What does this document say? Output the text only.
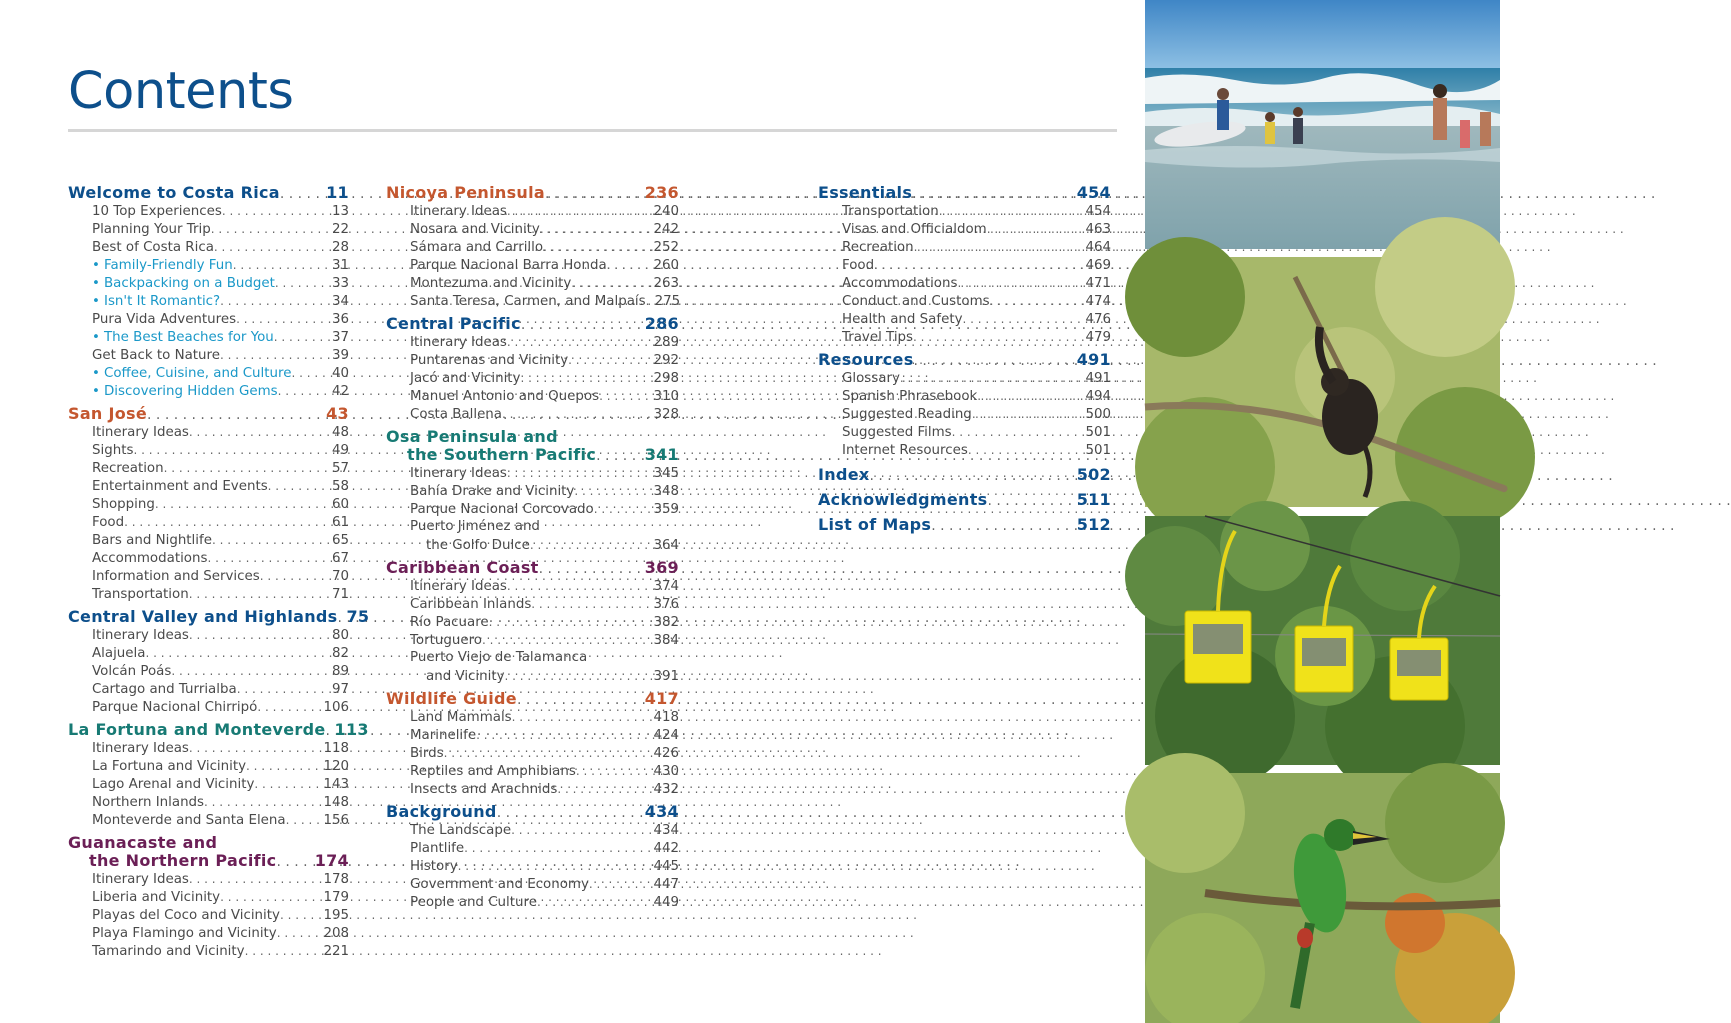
Contents
Welcome to Costa Rica . . .	11
10 Top Experiences . . .	13
Planning Your Trip . . .	22
Best of Costa Rica . . .	28
• Family-Friendly Fun . . .	31
• Backpacking on a Budget . . .	33
• Isn't It Romantic? . . .	34
Pura Vida Adventures . . .	36
• The Best Beaches for You . . .	37
Get Back to Nature . . .	39
• Coffee, Cuisine, and Culture . . .	40
• Discovering Hidden Gems . . .	42
San José . . .	43
Itinerary Ideas . . .	48
Sights . . .	49
Recreation . . .	57
Entertainment and Events . . .	58
Shopping . . .	60
Food . . .	61
Bars and Nightlife . . .	65
Accommodations . . .	67
Information and Services . . .	70
Transportation . . .	71
Central Valley and Highlands . . . 75
Itinerary Ideas . . .	80
Alajuela . . .	82
Volcán Poás . . .	89
Cartago and Turrialba . . .	97
Parque Nacional Chirripó . . .	106
La Fortuna and Monteverde . . . 113
Itinerary Ideas . . .	118
La Fortuna and Vicinity . . .	120
Lago Arenal and Vicinity . . .	143
Northern Inlands . . .	148
Monteverde and Santa Elena . . .	156
Guanacaste and
the Northern Pacific . . . 174
Itinerary Ideas . . .	178
Liberia and Vicinity . . .	179
Playas del Coco and Vicinity . . .	195
Playa Flamingo and Vicinity . . .	208
Tamarindo and Vicinity . . .	221
Nicoya Peninsula . . .	236
Itinerary Ideas . . .	240
Nosara and Vicinity . . .	242
Sámara and Carrillo . . .	252
Parque Nacional Barra Honda . . .	260
Montezuma and Vicinity . . .	263
Santa Teresa, Carmen, and Malpaís . . . 275
Central Pacific . . .	286
Itinerary Ideas . . .	289
Puntarenas and Vicinity . . .	292
Jacó and Vicinity . . .	298
Manuel Antonio and Quepos . . .	310
Costa Ballena . . .	328
Osa Peninsula and
the Southern Pacific . . .	341
Itinerary Ideas . . .	345
Bahía Drake and Vicinity . . .	348
Parque Nacional Corcovado . . .	359
Puerto Jiménez and
the Golfo Dulce . . .	364
Caribbean Coast . . .	369
Itinerary Ideas . . .	374
Caribbean Inlands . . .	376
Río Pacuare . . .	382
Tortuguero . . .	384
Puerto Viejo de Talamanca
and Vicinity . . .	391
Wildlife Guide . . .	417
Land Mammals . . .	418
Marinelife . . .	424
Birds . . .	426
Reptiles and Amphibians . . .	430
Insects and Arachnids . . .	432
Background . . .	434
The Landscape . . .	434
Plantlife . . .	442
History . . .	445
Government and Economy . . .	447
People and Culture . . .	449
Essentials . . .	454
Transportation . . .	454
Visas and Officialdom . . .	463
Recreation . . .	464
Food . . .	469
Accommodations . . .	471
Conduct and Customs . . .	474
Health and Safety . . .	476
Travel Tips . . .	479
Resources . . .	491
Glossary . . .	491
Spanish Phrasebook . . .	494
Suggested Reading . . .	500
Suggested Films . . .	501
Internet Resources . . .	501
Index . . .	502
Acknowledgments . . .	511
List of Maps . . .	512
